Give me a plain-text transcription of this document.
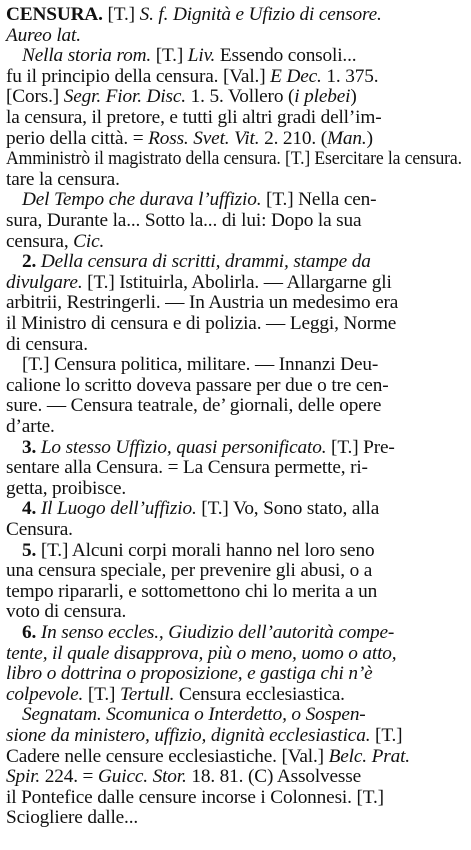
CENSURA. [T.] S. f. Dignità e Ufizio di censore.
Aureo lat.
Nella storia rom. [T.] Liv. Essendo consoli...
fu il principio della censura. [Val.] E Dec. 1. 375.
[Cors.] Segr. Fior. Disc. 1. 5. Vollero (i plebei)
la censura, il pretore, e tutti gli altri gradi dell’im-
perio della città. = Ross. Svet. Vit. 2. 210. (Man.)
Amministrò il magistrato della censura. [T.] Esercitare la censura.
tare la censura.
Del Tempo che durava l’uffizio. [T.] Nella cen-
sura, Durante la... Sotto la... di lui: Dopo la sua
censura, Cic.
2. Della censura di scritti, drammi, stampe da
divulgare. [T.] Istituirla, Abolirla. — Allargarne gli
arbitrii, Restringerli. — In Austria un medesimo era
il Ministro di censura e di polizia. — Leggi, Norme
di censura.
[T.] Censura politica, militare. — Innanzi Deu-
calione lo scritto doveva passare per due o tre cen-
sure. — Censura teatrale, de’ giornali, delle opere
d’arte.
3. Lo stesso Uffizio, quasi personificato. [T.] Pre-
sentare alla Censura. = La Censura permette, ri-
getta, proibisce.
4. Il Luogo dell’uffizio. [T.] Vo, Sono stato, alla
Censura.
5. [T.] Alcuni corpi morali hanno nel loro seno
una censura speciale, per prevenire gli abusi, o a
tempo ripararli, e sottomettono chi lo merita a un
voto di censura.
6. In senso eccles., Giudizio dell’autorità compe-
tente, il quale disapprova, più o meno, uomo o atto,
libro o dottrina o proposizione, e gastiga chi n’è
colpevole. [T.] Tertull. Censura ecclesiastica.
Segnatam. Scomunica o Interdetto, o Sospen-
sione da ministero, uffizio, dignità ecclesiastica. [T.]
Cadere nelle censure ecclesiastiche. [Val.] Belc. Prat.
Spir. 224. = Guicc. Stor. 18. 81. (C) Assolvesse
il Pontefice dalle censure incorse i Colonnesi. [T.]
Sciogliere dalle...
